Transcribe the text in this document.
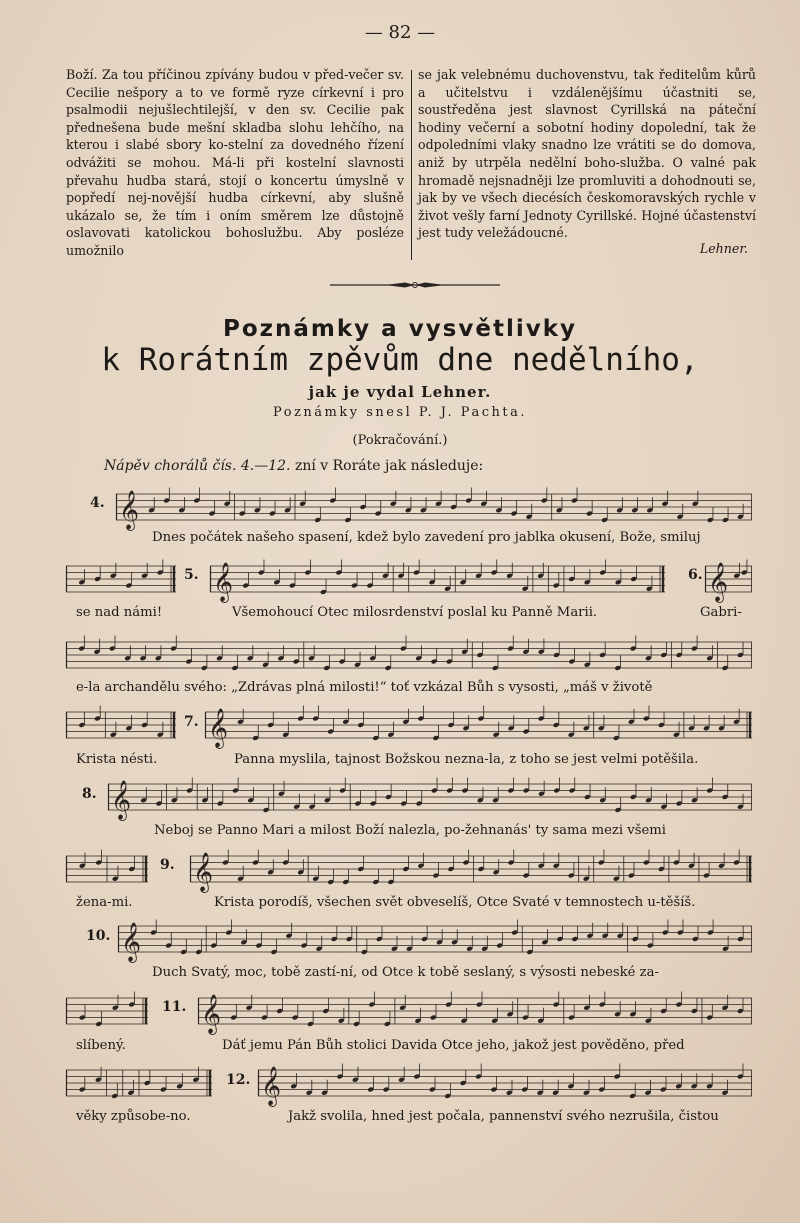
— 82 —

Boží. Za tou příčinou zpívány budou v před-večer sv. Cecilie nešpory a to ve formě ryze církevní i pro psalmodii nejušlechtilejší, v den sv. Cecilie pak přednešena bude mešní skladba slohu lehčího, na kterou i slabé sbory ko-stelní za dovedného řízení odvážiti se mohou. Má-li při kostelní slavnosti převahu hudba stará, stojí o koncertu úmyslně v popředí nej-novější hudba církevní, aby slušně ukázalo se, že tím i oním směrem lze důstojně oslavovati katolickou bohoslužbu. Aby posléze umožnilo

se jak velebnému duchovenstvu, tak ředitelům kůrů a učitelstvu i vzdálenějšímu účastniti se, soustředěna jest slavnost Cyrillská na páteční hodiny večerní a sobotní hodiny dopolední, tak že odpoledními vlaky snadno lze vrátiti se do domova, aniž by utrpěla nedělní boho-služba. O valné pak hromadě nejsnadněji lze promluviti a dohodnouti se, jak by ve všech diecésích českomoravských rychle v život vešly farní Jednoty Cyrillské. Hojné účastenství jest tudy veležádoucné.

Lehner.
Poznámky a vysvětlivky
k Rorátním zpěvům dne nedělního,
jak je vydal Lehner.
Poznámky snesl P. J. Pachta.
(Pokračování.)
Nápěv chorálů čís. 4.—12. zní v Roráte jak následuje:
𝄞
𝄞	𝄞
𝄞
𝄞
𝄞
𝄞
𝄞
𝄞
4.
5.	6.
7.
8.
9.
10.
11.
12.
Dnes počátek našeho spasení, kdež bylo zavedení pro jablka okusení, Bože, smiluj
se nad námi!	Všemohoucí Otec milosrdenství poslal ku Panně Marii.	Gabri-
e-la archandělu svého: „Zdrávas plná milosti!“ toť vzkázal Bůh s vysosti, „máš v životě
Krista nésti.	Panna myslila, tajnost Božskou nezna-la, z toho se jest velmi potěšila.
Neboj se Panno Mari a milost Boží nalezla, po-žehnanás' ty sama mezi všemi
žena-mi.	Krista porodíš, všechen svět obveselíš, Otce Svaté v temnostech u-těšíš.
Duch Svatý, moc, tobě zastí-ní, od Otce k tobě seslaný, s výsosti nebeské za-
slíbený.	Dáť jemu Pán Bůh stolici Davida Otce jeho, jakož jest pověděno, před
věky způsobe-no.	Jakž svolila, hned jest počala, pannenství svého nezrušila, čistou
